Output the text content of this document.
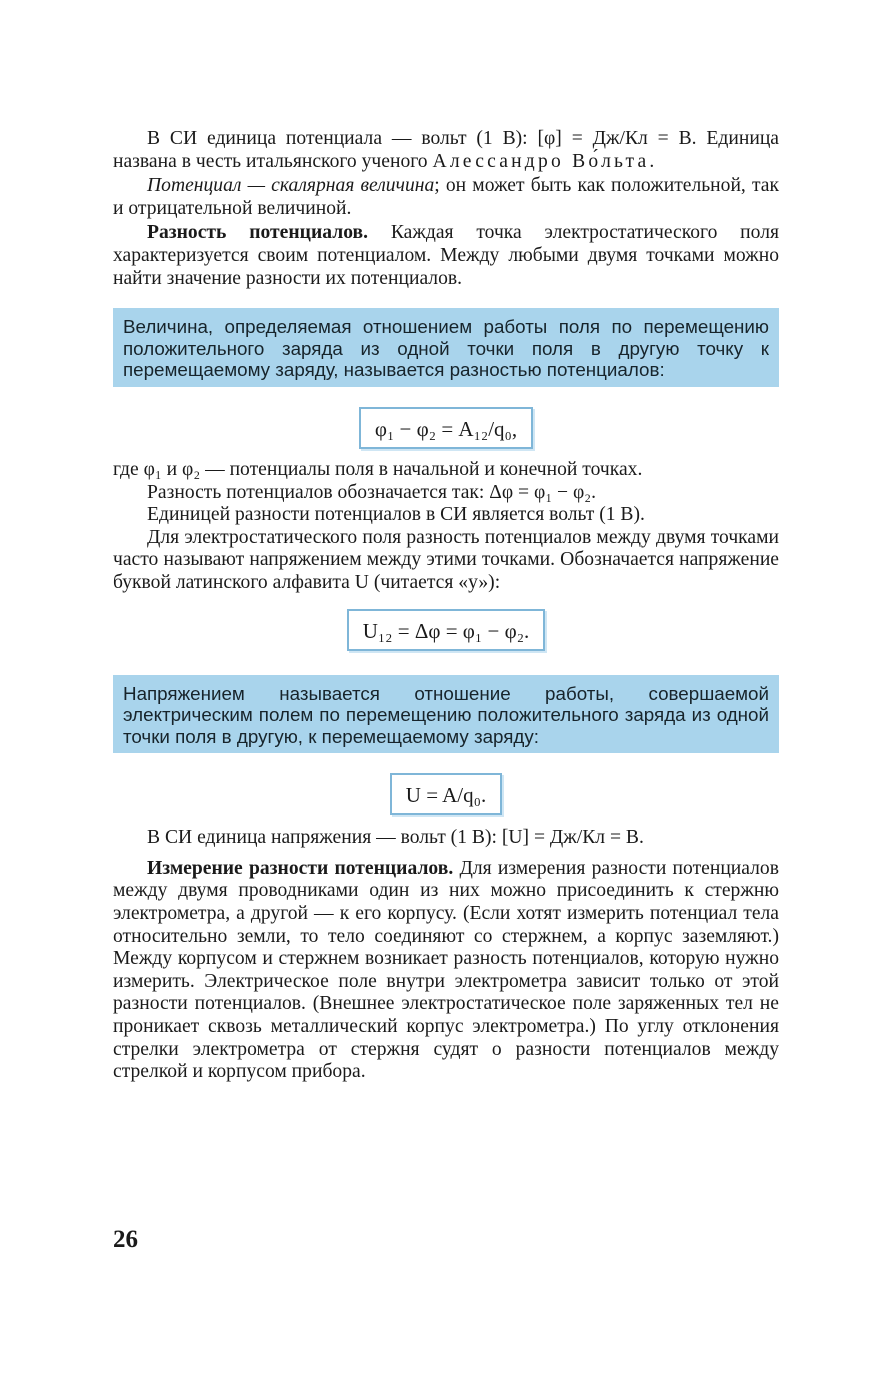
В СИ единица потенциала — вольт (1 В): [φ] = Дж/Кл = В. Единица названа в честь итальянского ученого Алессандро Во́льта.

Потенциал — скалярная величина; он может быть как положительной, так и отрицательной величиной.

Разность потенциалов. Каждая точка электростатического поля характеризуется своим потенциалом. Между любыми двумя точками можно найти значение разности их потенциалов.

Величина, определяемая отношением работы поля по перемещению положительного заряда из одной точки поля в другую точку к перемещаемому заряду, называется разностью потенциалов:
φ₁ − φ₂ = A₁₂/q₀,

где φ₁ и φ₂ — потенциалы поля в начальной и конечной точках.

Разность потенциалов обозначается так: Δφ = φ₁ − φ₂.

Единицей разности потенциалов в СИ является вольт (1 В).

Для электростатического поля разность потенциалов между двумя точками часто называют напряжением между этими точками. Обозначается напряжение буквой латинского алфавита U (читается «у»):

U₁₂ = Δφ = φ₁ − φ₂.
Напряжением называется отношение работы, совершаемой электрическим полем по перемещению положительного заряда из одной точки поля в другую, к перемещаемому заряду:
U = A/q₀.

В СИ единица напряжения — вольт (1 В): [U] = Дж/Кл = В.

Измерение разности потенциалов. Для измерения разности потенциалов между двумя проводниками один из них можно присоединить к стержню электрометра, а другой — к его корпусу. (Если хотят измерить потенциал тела относительно земли, то тело соединяют со стержнем, а корпус заземляют.) Между корпусом и стержнем возникает разность потенциалов, которую нужно измерить. Электрическое поле внутри электрометра зависит только от этой разности потенциалов. (Внешнее электростатическое поле заряженных тел не проникает сквозь металлический корпус электрометра.) По углу отклонения стрелки электрометра от стержня судят о разности потенциалов между стрелкой и корпусом прибора.

26
